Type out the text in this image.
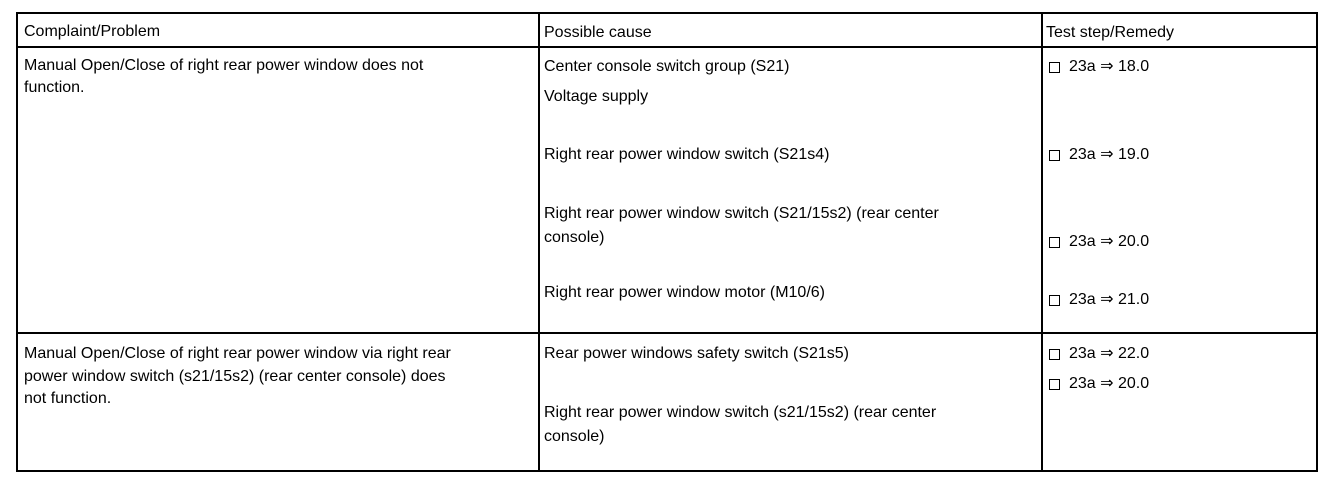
Complaint/Problem	Possible cause	Test step/Remedy
Manual Open/Close of right rear power window does not
function.
Center console switch group (S21)
Voltage supply
Right rear power window switch (S21s4)
Right rear power window switch (S21/15s2) (rear center
console)
Right rear power window motor (M10/6)
23a ⇒ 18.0
23a ⇒ 19.0
23a ⇒ 20.0
23a ⇒ 21.0
Manual Open/Close of right rear power window via right rear
power window switch (s21/15s2) (rear center console) does
not function.
Rear power windows safety switch (S21s5)
Right rear power window switch (s21/15s2) (rear center
console)
23a ⇒ 22.0
23a ⇒ 20.0
